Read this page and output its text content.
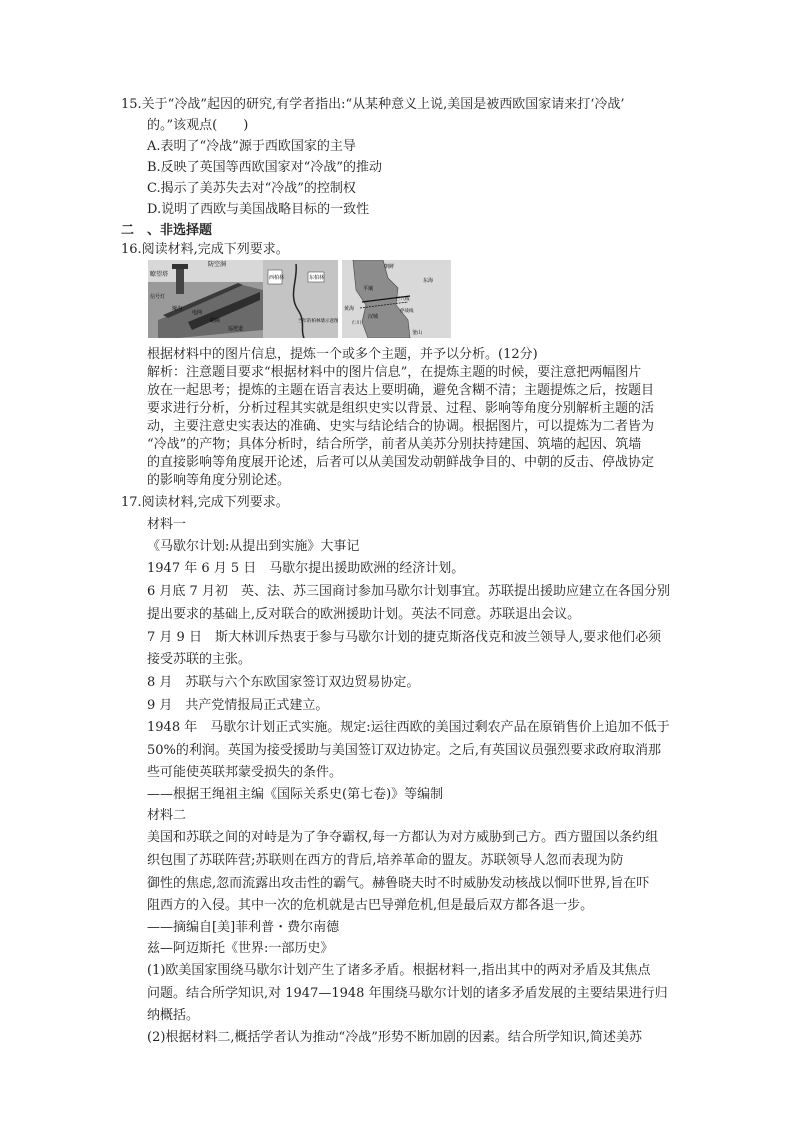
15.关于“冷战”起因的研究,有学者指出:“从某种意义上说,美国是被西欧国家请来打‘冷战’
的。”该观点(　　)
A.表明了“冷战”源于西欧国家的主导
B.反映了英国等西欧国家对“冷战”的推动
C.揭示了美苏失去对“冷战”的控制权
D.说明了西欧与美国战略目标的一致性
二　、非选择题
16.阅读材料,完成下列要求。
瞭望塔
防空洞
信号灯
壕沟
电网
路障
巡逻道
西柏林	东柏林
当年的柏林墙示意图
朝鲜
平壤
汉城
东海
黄海
三八线
停战线
仁川
釜山
根据材料中的图片信息，提炼一个或多个主题，并予以分析。(12分)
解析：注意题目要求“根据材料中的图片信息”，在提炼主题的时候，要注意把两幅图片
放在一起思考；提炼的主题在语言表达上要明确，避免含糊不清；主题提炼之后，按题目
要求进行分析，分析过程其实就是组织史实以背景、过程、影响等角度分别解析主题的活
动，主要注意史实表达的准确、史实与结论结合的协调。根据图片，可以提炼为二者皆为
“冷战”的产物；具体分析时，结合所学，前者从美苏分别扶持建国、筑墙的起因、筑墙
的直接影响等角度展开论述，后者可以从美国发动朝鲜战争目的、中朝的反击、停战协定
的影响等角度分别论述。
17.阅读材料,完成下列要求。
材料一
《马歇尔计划:从提出到实施》大事记
1947 年 6 月 5 日　马歇尔提出援助欧洲的经济计划。
6 月底 7 月初　英、法、苏三国商讨参加马歇尔计划事宜。苏联提出援助应建立在各国分别
提出要求的基础上,反对联合的欧洲援助计划。英法不同意。苏联退出会议。
7 月 9 日　斯大林训斥热衷于参与马歇尔计划的捷克斯洛伐克和波兰领导人,要求他们必须
接受苏联的主张。
8 月　苏联与六个东欧国家签订双边贸易协定。
9 月　共产党情报局正式建立。
1948 年　马歇尔计划正式实施。规定:运往西欧的美国过剩农产品在原销售价上追加不低于
50%的利润。英国为接受援助与美国签订双边协定。之后,有英国议员强烈要求政府取消那
些可能使英联邦蒙受损失的条件。
——根据王绳祖主编《国际关系史(第七卷)》等编制
材料二
美国和苏联之间的对峙是为了争夺霸权,每一方都认为对方威胁到己方。西方盟国以条约组
织包围了苏联阵营;苏联则在西方的背后,培养革命的盟友。苏联领导人忽而表现为防
御性的焦虑,忽而流露出攻击性的霸气。赫鲁晓夫时不时威胁发动核战以恫吓世界,旨在吓
阻西方的入侵。其中一次的危机就是古巴导弹危机,但是最后双方都各退一步。
——摘编自[美]菲利普・费尔南德
兹—阿迈斯托《世界:一部历史》
(1)欧美国家围绕马歇尔计划产生了诸多矛盾。根据材料一,指出其中的两对矛盾及其焦点
问题。结合所学知识,对 1947—1948 年围绕马歇尔计划的诸多矛盾发展的主要结果进行归
纳概括。
(2)根据材料二,概括学者认为推动“冷战”形势不断加剧的因素。结合所学知识,简述美苏
